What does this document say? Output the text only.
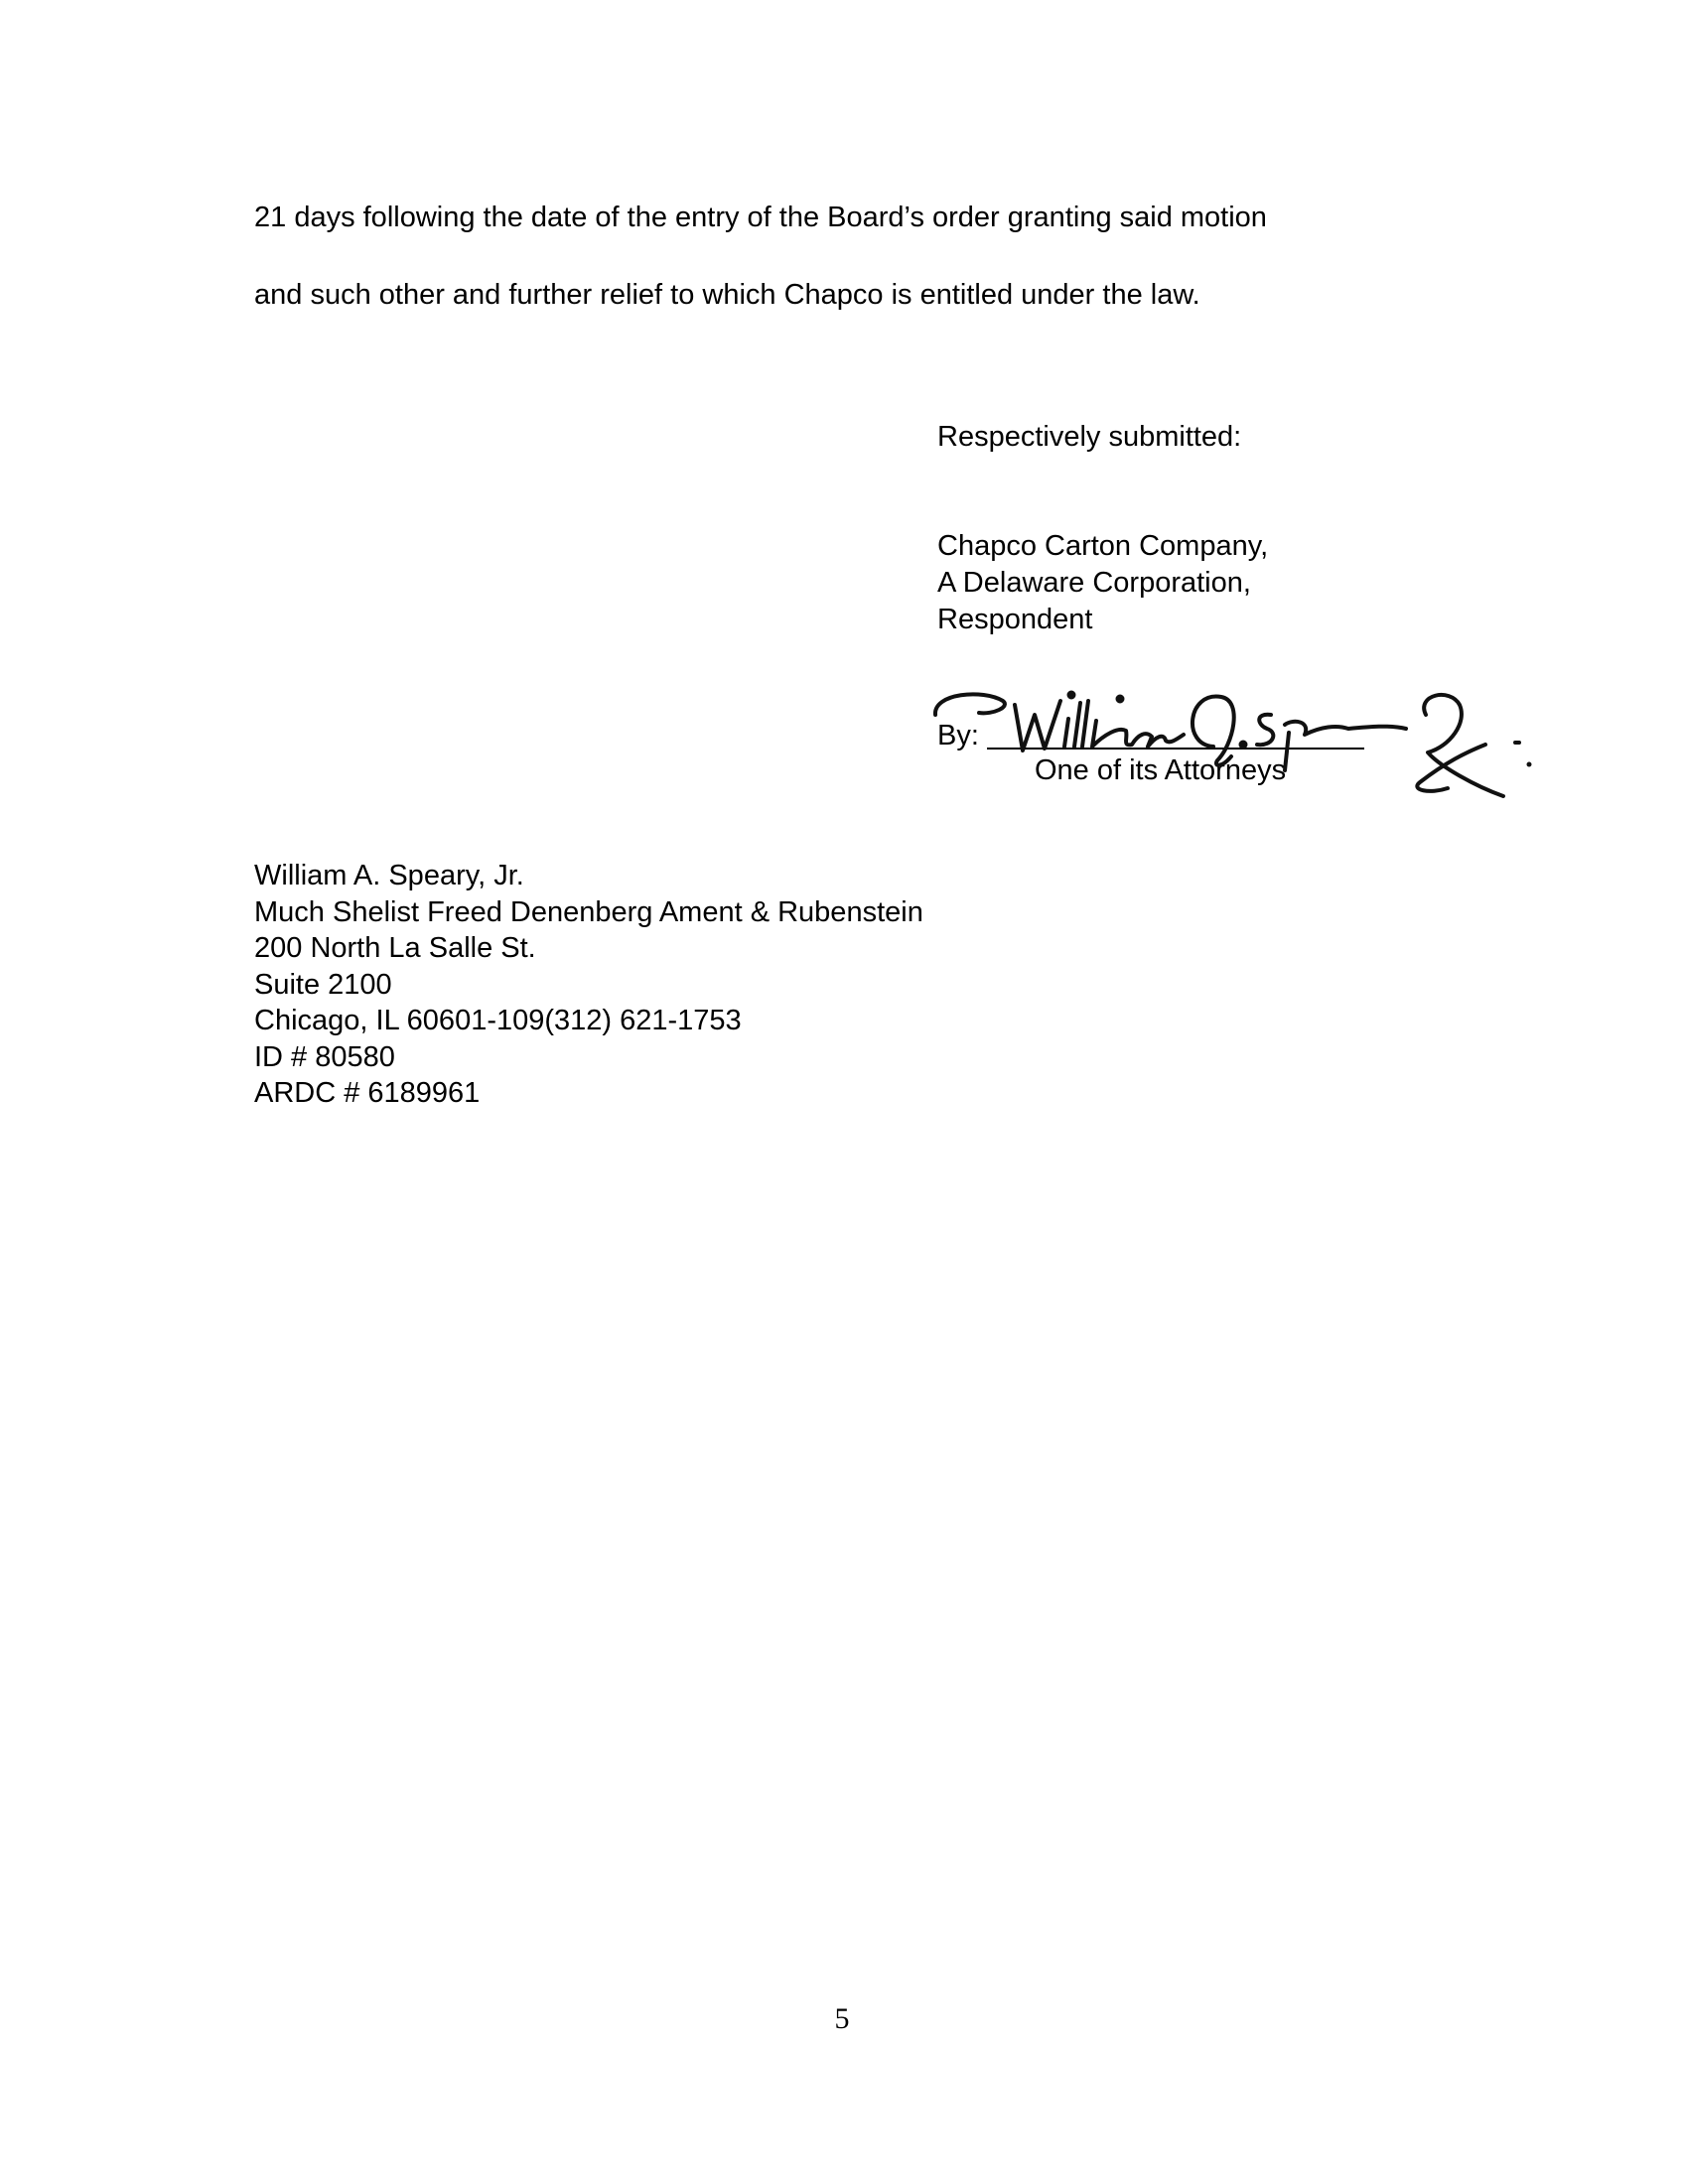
21 days following the date of the entry of the Board’s order granting said motion

and such other and further relief to which Chapco is entitled under the law.

Respectively submitted:

Chapco Carton Company,

A Delaware Corporation,

Respondent

By:
One of its Attorneys

William A. Speary, Jr.

Much Shelist Freed Denenberg Ament & Rubenstein

200 North La Salle St.

Suite 2100

Chicago, IL 60601-109(312) 621-1753

ID # 80580

ARDC # 6189961

5
